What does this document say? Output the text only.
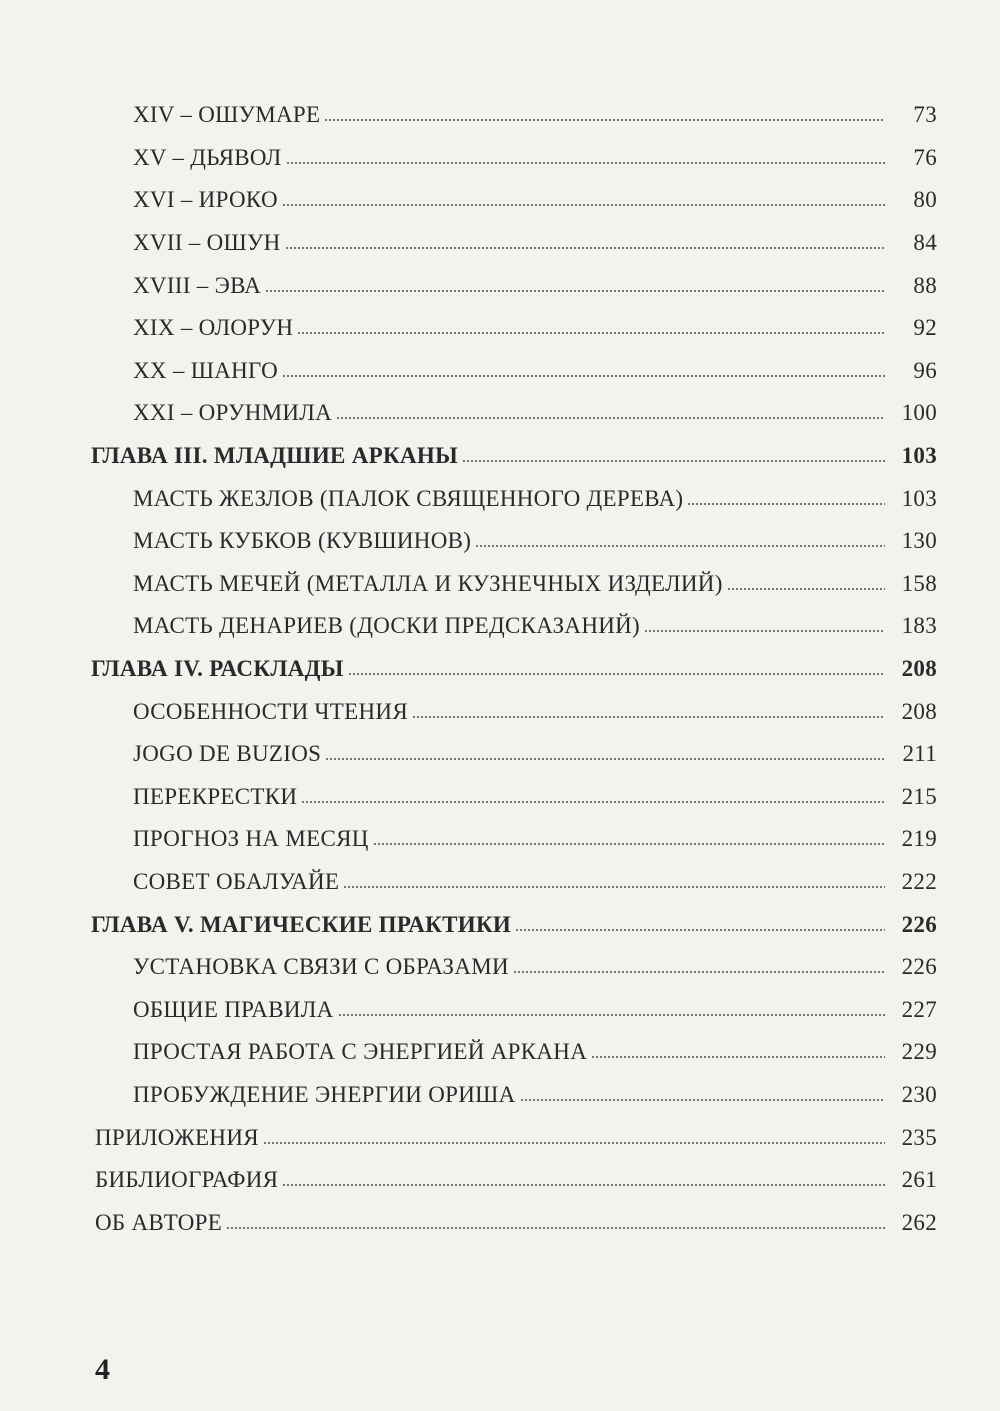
XIV – ОШУМАРЕ	73
XV – ДЬЯВОЛ	76
XVI – ИРОКО	80
XVII – ОШУН	84
XVIII – ЭВА	88
XIX – ОЛОРУН	92
XX – ШАНГО	96
XXI – ОРУНМИЛА	100
ГЛАВА III. МЛАДШИЕ АРКАНЫ	103
МАСТЬ ЖЕЗЛОВ (ПАЛОК СВЯЩЕННОГО ДЕРЕВА)	103
МАСТЬ КУБКОВ (КУВШИНОВ)	130
МАСТЬ МЕЧЕЙ (МЕТАЛЛА И КУЗНЕЧНЫХ ИЗДЕЛИЙ)	158
МАСТЬ ДЕНАРИЕВ (ДОСКИ ПРЕДСКАЗАНИЙ)	183
ГЛАВА IV. РАСКЛАДЫ	208
ОСОБЕННОСТИ ЧТЕНИЯ	208
JOGO DE BUZIOS	211
ПЕРЕКРЕСТКИ	215
ПРОГНОЗ НА МЕСЯЦ	219
СОВЕТ ОБАЛУАЙЕ	222
ГЛАВА V. МАГИЧЕСКИЕ ПРАКТИКИ	226
УСТАНОВКА СВЯЗИ С ОБРАЗАМИ	226
ОБЩИЕ ПРАВИЛА	227
ПРОСТАЯ РАБОТА С ЭНЕРГИЕЙ АРКАНА	229
ПРОБУЖДЕНИЕ ЭНЕРГИИ ОРИША	230
ПРИЛОЖЕНИЯ	235
БИБЛИОГРАФИЯ	261
ОБ АВТОРЕ	262
4
